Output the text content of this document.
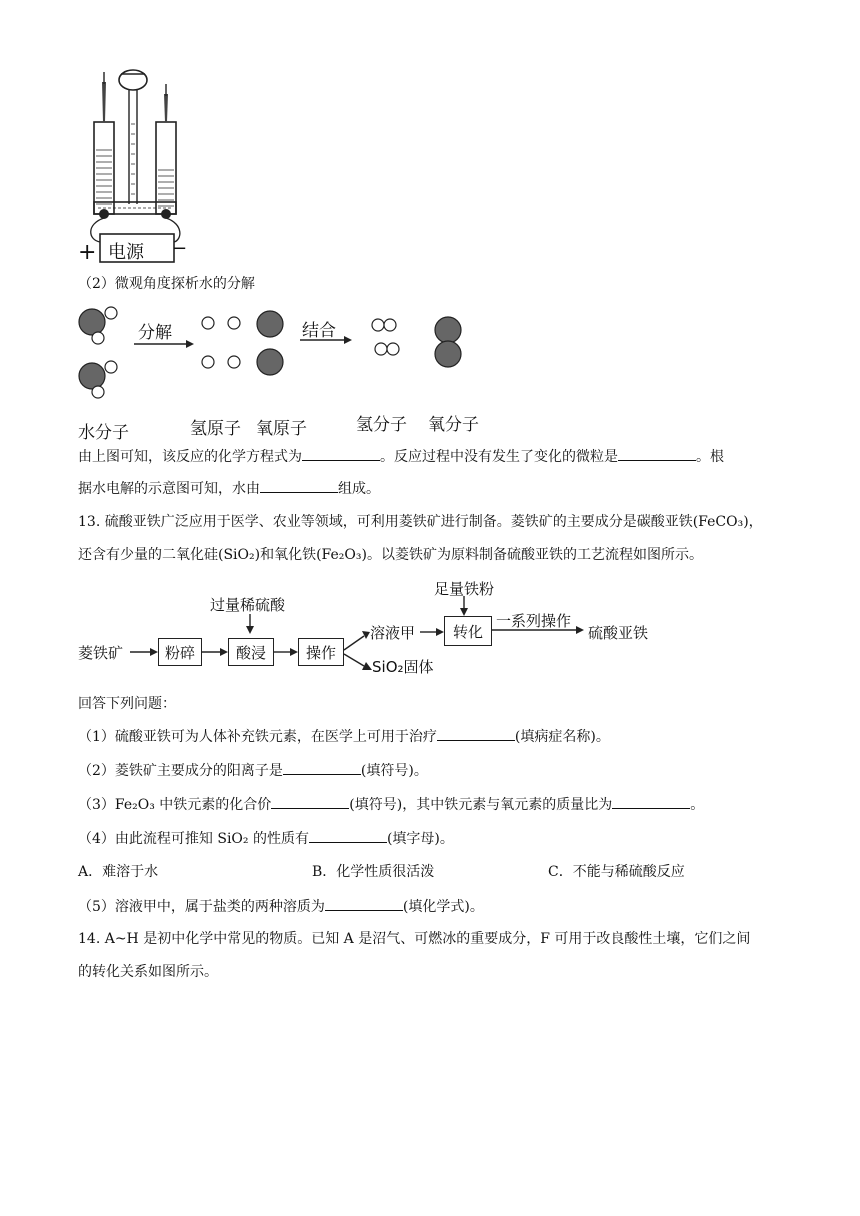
电源
+	−
（2）微观角度探析水的分解
分解	结合
水分子	氢原子 氧原子	氢分子 氧分子
由上图可知，该反应的化学方程式为	。反应过程中没有发生了变化的微粒是	。根
据水电解的示意图可知，水由	组成。
13. 硫酸亚铁广泛应用于医学、农业等领域，可利用菱铁矿进行制备。菱铁矿的主要成分是碳酸亚铁(FeCO₃)，
还含有少量的二氧化硅(SiO₂)和氧化铁(Fe₂O₃)。以菱铁矿为原料制备硫酸亚铁的工艺流程如图所示。
菱铁矿	粉碎	酸浸	操作
过量稀硫酸
溶液甲
SiO₂固体
足量铁粉
转化
一系列操作
硫酸亚铁
回答下列问题：
（1）硫酸亚铁可为人体补充铁元素，在医学上可用于治疗	(填病症名称)。
（2）菱铁矿主要成分的阳离子是	(填符号)。
（3）Fe₂O₃ 中铁元素的化合价	(填符号)，其中铁元素与氧元素的质量比为	。
（4）由此流程可推知 SiO₂ 的性质有	(填字母)。
A．难溶于水	B．化学性质很活泼	C．不能与稀硫酸反应
（5）溶液甲中，属于盐类的两种溶质为	(填化学式)。
14. A~H 是初中化学中常见的物质。已知 A 是沼气、可燃冰的重要成分，F 可用于改良酸性土壤，它们之间
的转化关系如图所示。
